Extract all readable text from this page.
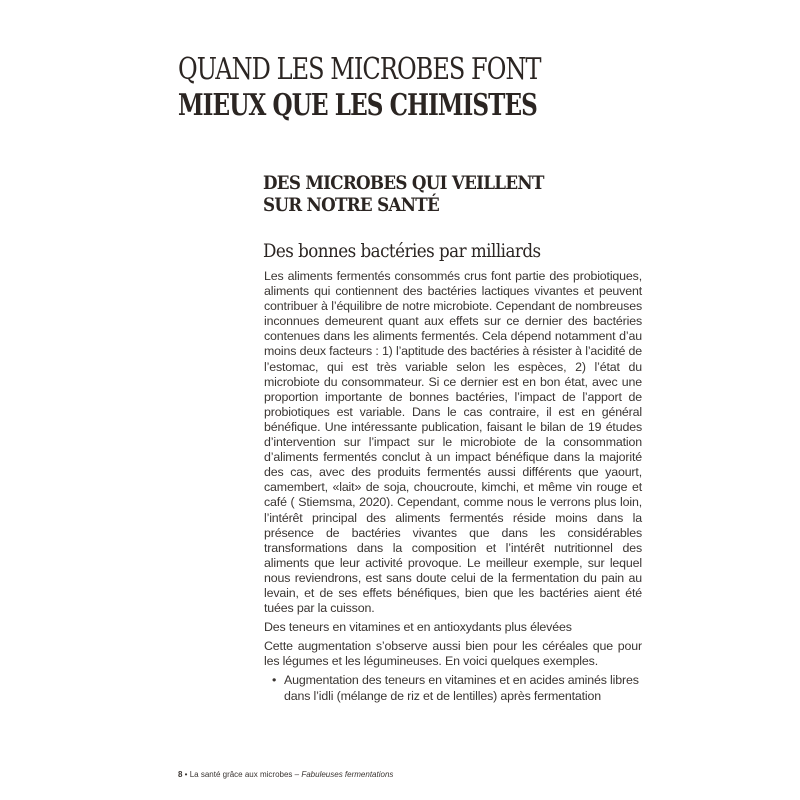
QUAND LES MICROBES FONT
MIEUX QUE LES CHIMISTES
DES MICROBES QUI VEILLENT
SUR NOTRE SANTÉ
Des bonnes bactéries par milliards

Les aliments fermentés consommés crus font partie des probiotiques, aliments qui contiennent des bactéries lactiques vivantes et peuvent contribuer à l’équilibre de notre microbiote. Cependant de nombreuses inconnues demeurent quant aux effets sur ce dernier des bactéries contenues dans les aliments fermentés. Cela dépend notamment d’au moins deux facteurs : 1) l’aptitude des bactéries à résister à l’acidité de l’estomac, qui est très variable selon les espèces, 2) l’état du microbiote du consommateur. Si ce dernier est en bon état, avec une proportion importante de bonnes bactéries, l’impact de l’apport de probiotiques est variable. Dans le cas contraire, il est en général bénéfique. Une intéressante publication, faisant le bilan de 19 études d’intervention sur l’impact sur le microbiote de la consommation d’aliments fermentés conclut à un impact bénéfique dans la majorité des cas, avec des produits fermentés aussi différents que yaourt, camembert, «lait» de soja, choucroute, kimchi, et même vin rouge et café ( Stiemsma, 2020). Cependant, comme nous le verrons plus loin, l’intérêt principal des aliments fermentés réside moins dans la présence de bactéries vivantes que dans les considérables transformations dans la composition et l’intérêt nutritionnel des aliments que leur activité provoque. Le meilleur exemple, sur lequel nous reviendrons, est sans doute celui de la fermentation du pain au levain, et de ses effets bénéfiques, bien que les bactéries aient été tuées par la cuisson.

Des teneurs en vitamines et en antioxydants plus élevées

Cette augmentation s’observe aussi bien pour les céréales que pour les légumes et les légumineuses. En voici quelques exemples.

• Augmentation des teneurs en vitamines et en acides aminés libres dans l’idli (mélange de riz et de lentilles) après fermentation
8 • La santé grâce aux microbes – Fabuleuses fermentations
